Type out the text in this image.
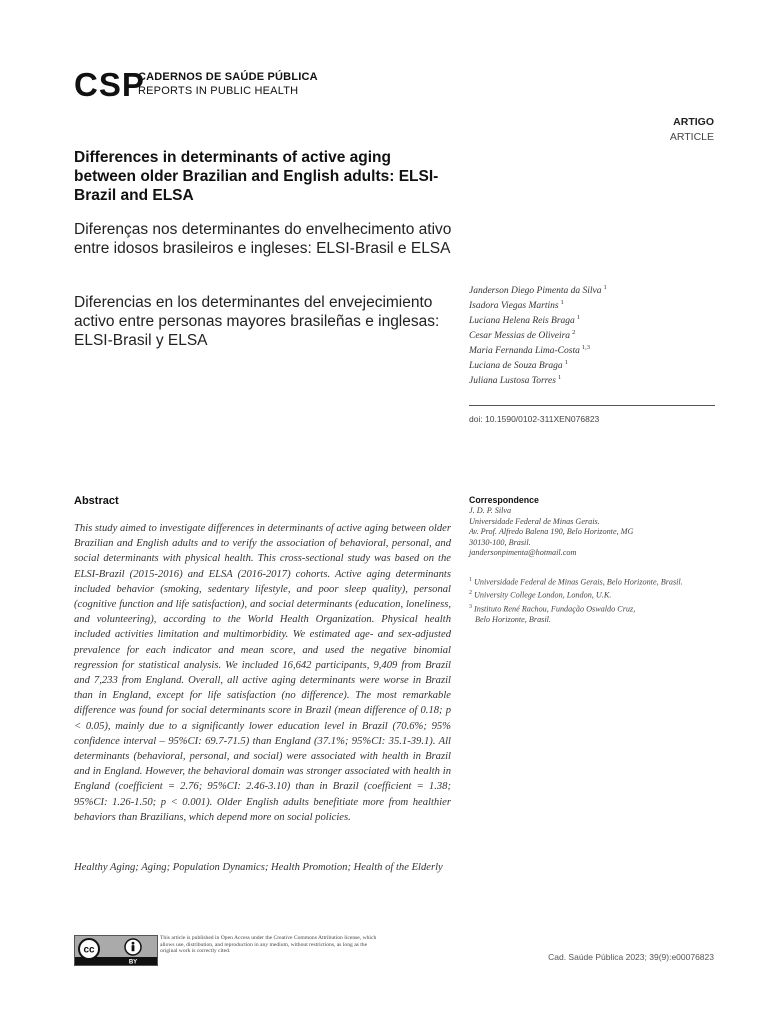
CSP
CADERNOS DE SAÚDE PÚBLICA
REPORTS IN PUBLIC HEALTH
ARTIGO
ARTICLE
Differences in determinants of active aging between older Brazilian and English adults: ELSI-Brazil and ELSA
Diferenças nos determinantes do envelhecimento ativo entre idosos brasileiros e ingleses: ELSI-Brasil e ELSA
Diferencias en los determinantes del envejecimiento activo entre personas mayores brasileñas e inglesas: ELSI-Brasil y ELSA
Janderson Diego Pimenta da Silva $^1$
Isadora Viegas Martins $^1$
Luciana Helena Reis Braga $^1$
Cesar Messias de Oliveira $^2$
Maria Fernanda Lima-Costa $^{1,3}$
Luciana de Souza Braga $^1$
Juliana Lustosa Torres $^1$
doi: 10.1590/0102-311XEN076823
Abstract
This study aimed to investigate differences in determinants of active aging between older Brazilian and English adults and to verify the association of behavioral, personal, and social determinants with physical health. This cross-sectional study was based on the ELSI-Brazil (2015-2016) and ELSA (2016-2017) cohorts. Active aging determinants included behavior (smoking, sedentary lifestyle, and poor sleep quality), personal (cognitive function and life satisfaction), and social determinants (education, loneliness, and volunteering), according to the World Health Organization. Physical health included activities limitation and multimorbidity. We estimated age- and sex-adjusted prevalence for each indicator and mean score, and used the negative binomial regression for statistical analysis. We included 16,642 participants, 9,409 from Brazil and 7,233 from England. Overall, all active aging determinants were worse in Brazil than in England, except for life satisfaction (no difference). The most remarkable difference was found for social determinants score in Brazil (mean difference of 0.18; p < 0.05), mainly due to a significantly lower education level in Brazil (70.6%; 95% confidence interval – 95%CI: 69.7-71.5) than England (37.1%; 95%CI: 35.1-39.1). All determinants (behavioral, personal, and social) were associated with health in Brazil and in England. However, the behavioral domain was stronger associated with health in England (coefficient = 2.76; 95%CI: 2.46-3.10) than in Brazil (coefficient = 1.38; 95%CI: 1.26-1.50; p < 0.001). Older English adults benefitiate more from healthier behaviors than Brazilians, which depend more on social policies.
Healthy Aging; Aging; Population Dynamics; Health Promotion; Health of the Elderly
Correspondence
J. D. P. Silva
Universidade Federal de Minas Gerais.
Av. Prof. Alfredo Balena 190, Belo Horizonte, MG
30130-100, Brasil.
jandersonpimenta@hotmail.com
$^1$ Universidade Federal de Minas Gerais, Belo Horizonte, Brasil.
$^2$ University College London, London, U.K.
$^3$ Instituto René Rachou, Fundação Oswaldo Cruz,
Belo Horizonte, Brasil.
cc
BY
This article is published in Open Access under the Creative Commons Attribution license, which allows use, distribution, and reproduction in any medium, without restrictions, as long as the original work is correctly cited.
Cad. Saúde Pública 2023; 39(9):e00076823
